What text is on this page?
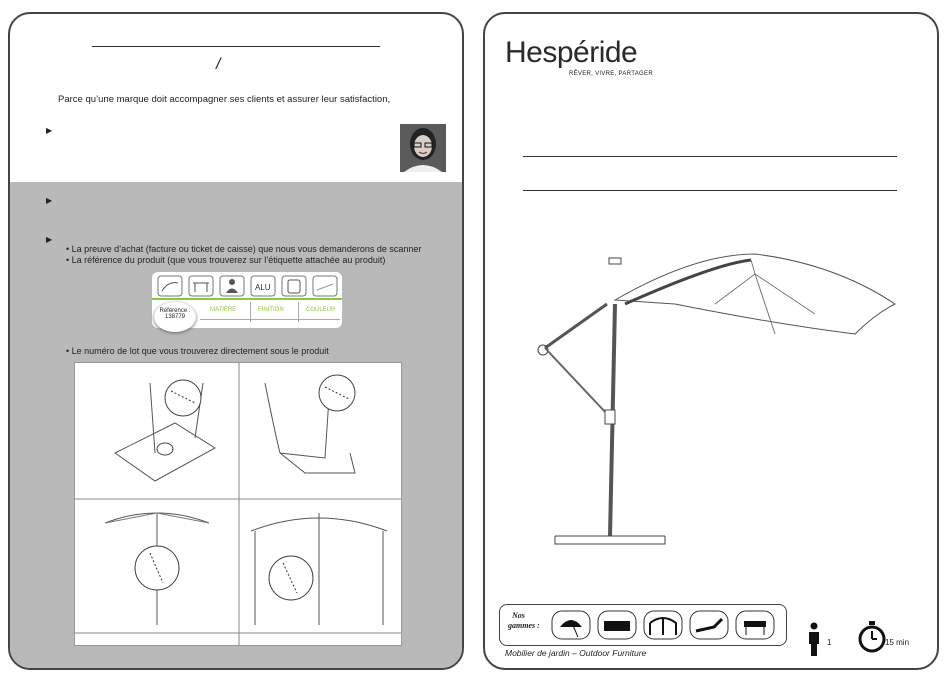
/
Parce qu’une marque doit accompagner ses clients et assurer leur satisfaction,
▶
▶
▶
• La preuve d’achat (facture ou ticket de caisse) que nous vous demanderons de scanner
• La référence du produit (que vous trouverez sur l’étiquette attachée au produit)
ALU
Référence :
138779
MATIÈRE	FINITION	COULEUR
• Le numéro de lot que vous trouverez directement sous le produit
Hespéride
RÊVER, VIVRE, PARTAGER
Nos
gammes :
Mobilier de jardin – Outdoor Furniture
1	15 min
